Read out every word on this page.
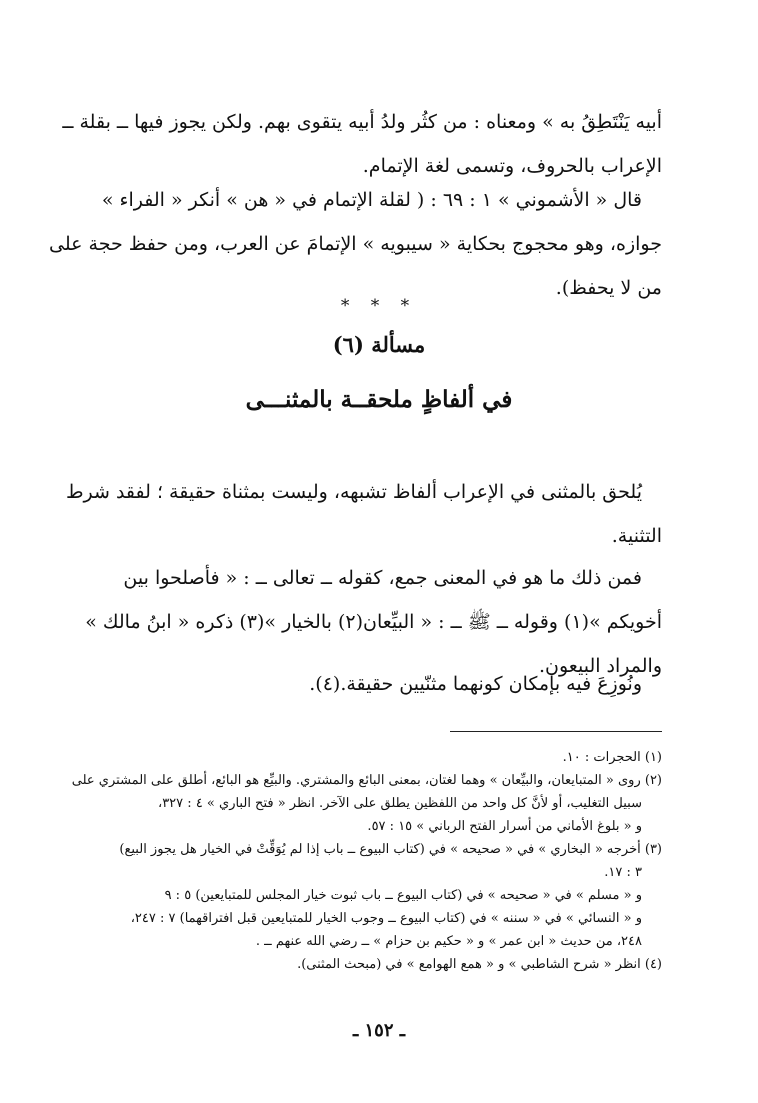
أبيه يَنْتَطِقُ به » ومعناه : من كثُر ولدُ أبيه يتقوى بهم. ولكن يجوز فيها ــ بقلة ــ
الإعراب بالحروف، وتسمى لغة الإتمام.

قال « الأشموني » ١ : ٦٩ : ( لقلة الإتمام في « هن » أنكر « الفراء »
جوازه، وهو محجوج بحكاية « سيبويه » الإتمامَ عن العرب، ومن حفظ حجة على
من لا يحفظ).

* * *

مسألة (٦)

في ألفاظٍ ملحقــة بالمثنـــى

يُلحق بالمثنى في الإعراب ألفاظ تشبهه، وليست بمثناة حقيقة ؛ لفقد شرط
التثنية.

فمن ذلك ما هو في المعنى جمع، كقوله ــ تعالى ــ : « فأصلحوا بين
أخويكم »(١) وقوله ــ ﷺ ــ : « البيِّعان(٢) بالخيار »(٣) ذكره « ابنُ مالك »
والمراد البيعون.

ونُوزِعَ فيه بإمكان كونهما مثنّيين حقيقة.(٤).

(١) الحجرات : ١٠.
(٢) روى « المتبايعان، والبيِّعان » وهما لغتان، بمعنى البائع والمشتري. والبيِّع هو البائع، أطلق على المشتري على
سبيل التغليب، أو لأنَّ كل واحد من اللفظين يطلق على الآخر. انظر « فتح الباري » ٤ : ٣٢٧،
و « بلوغ الأماني من أسرار الفتح الرباني » ١٥ : ٥٧.
(٣) أخرجه « البخاري » في « صحيحه » في (كتاب البيوع ــ باب إذا لم يُوَقِّتْ في الخيار هل يجوز البيع)
٣ : ١٧.
و « مسلم » في « صحيحه » في (كتاب البيوع ــ باب ثبوت خيار المجلس للمتبايعين) ٥ : ٩
و « النسائي » في « سننه » في (كتاب البيوع ــ وجوب الخيار للمتبايعين قبل افتراقهما) ٧ : ٢٤٧،
٢٤٨، من حديث « ابن عمر » و « حكيم بن حزام » ــ رضي الله عنهم ــ .
(٤) انظر « شرح الشاطبي » و « همع الهوامع » في (مبحث المثنى).

ـ ١٥٢ ـ
